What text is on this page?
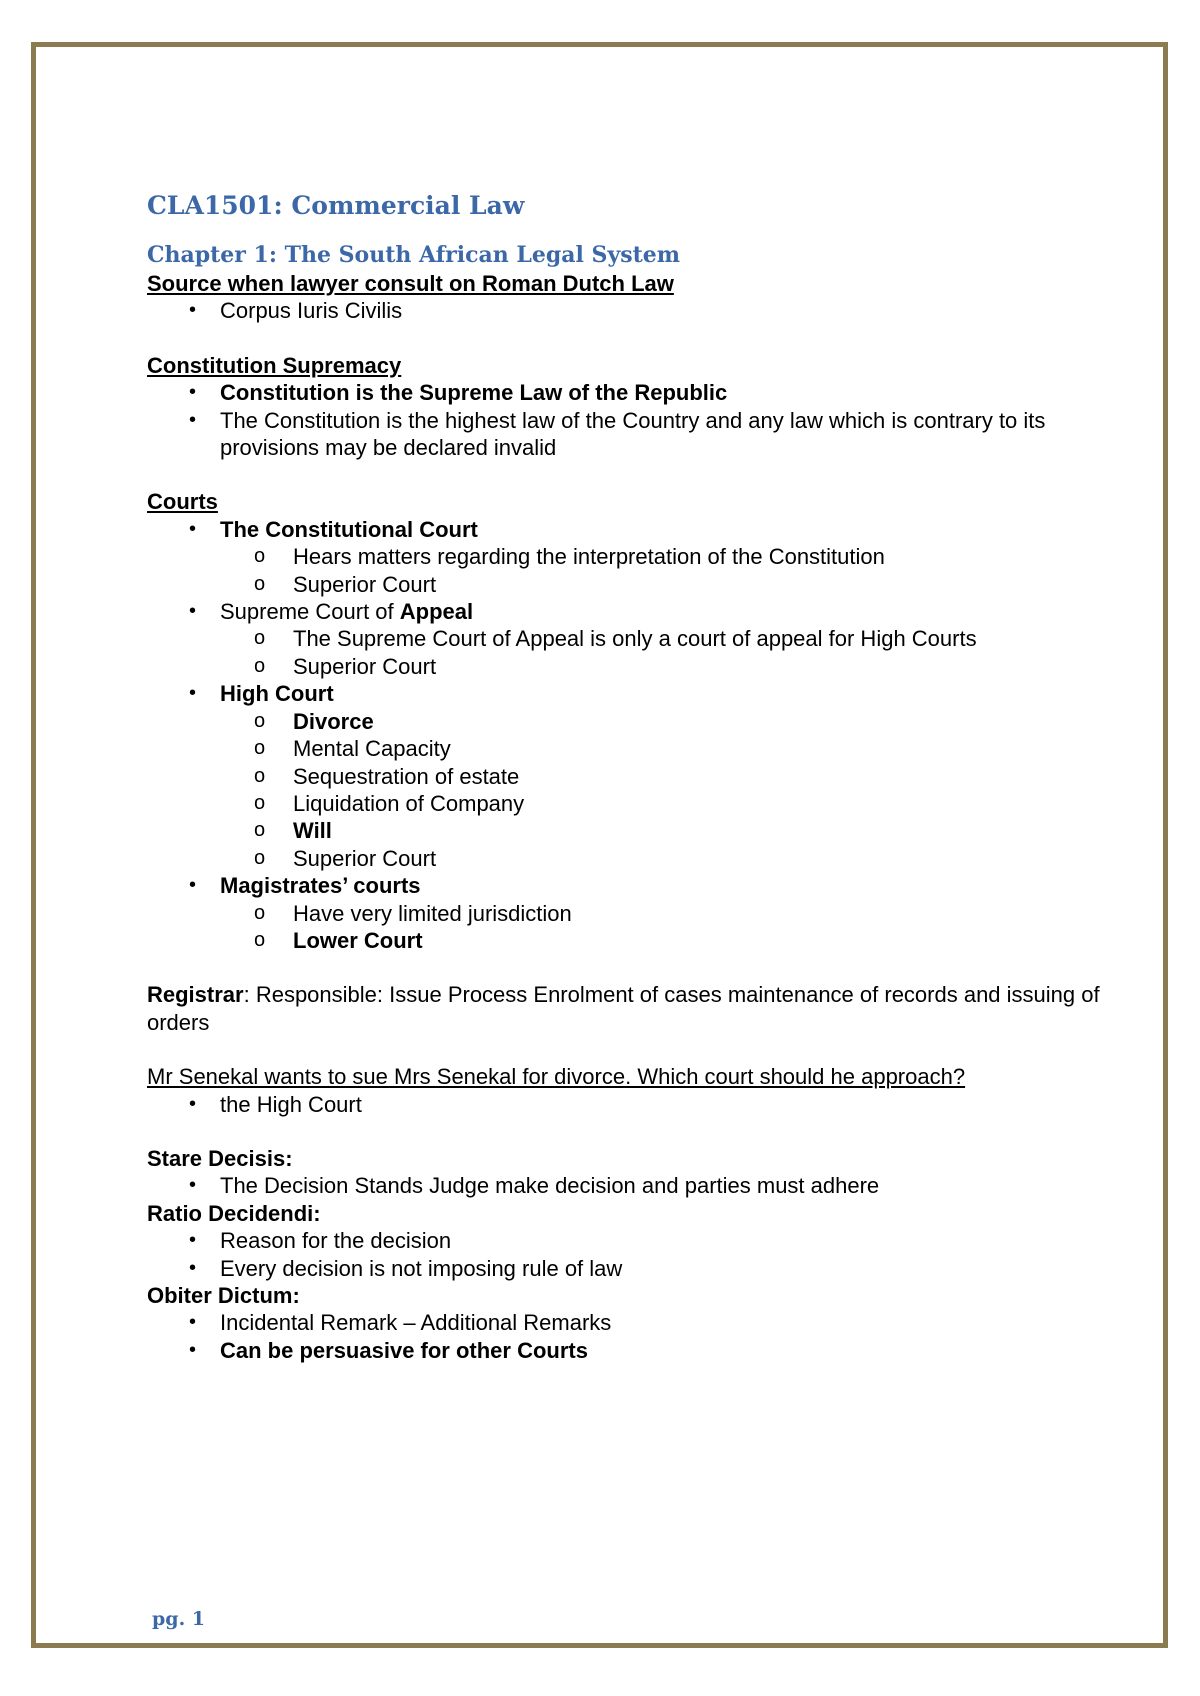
CLA1501: Commercial Law
Chapter 1: The South African Legal System
Source when lawyer consult on Roman Dutch Law
• Corpus Iuris Civilis
Constitution Supremacy
• Constitution is the Supreme Law of the Republic
• The Constitution is the highest law of the Country and any law which is contrary to its provisions may be declared invalid
Courts
• The Constitutional Court
o Hears matters regarding the interpretation of the Constitution
o Superior Court
• Supreme Court of Appeal
o The Supreme Court of Appeal is only a court of appeal for High Courts
o Superior Court
• High Court
o Divorce
o Mental Capacity
o Sequestration of estate
o Liquidation of Company
o Will
o Superior Court
• Magistrates’ courts
o Have very limited jurisdiction
o Lower Court
Registrar: Responsible: Issue Process Enrolment of cases maintenance of records and issuing of orders
Mr Senekal wants to sue Mrs Senekal for divorce. Which court should he approach?
• the High Court
Stare Decisis:
• The Decision Stands Judge make decision and parties must adhere
Ratio Decidendi:
• Reason for the decision
• Every decision is not imposing rule of law
Obiter Dictum:
• Incidental Remark – Additional Remarks
• Can be persuasive for other Courts
pg. 1
